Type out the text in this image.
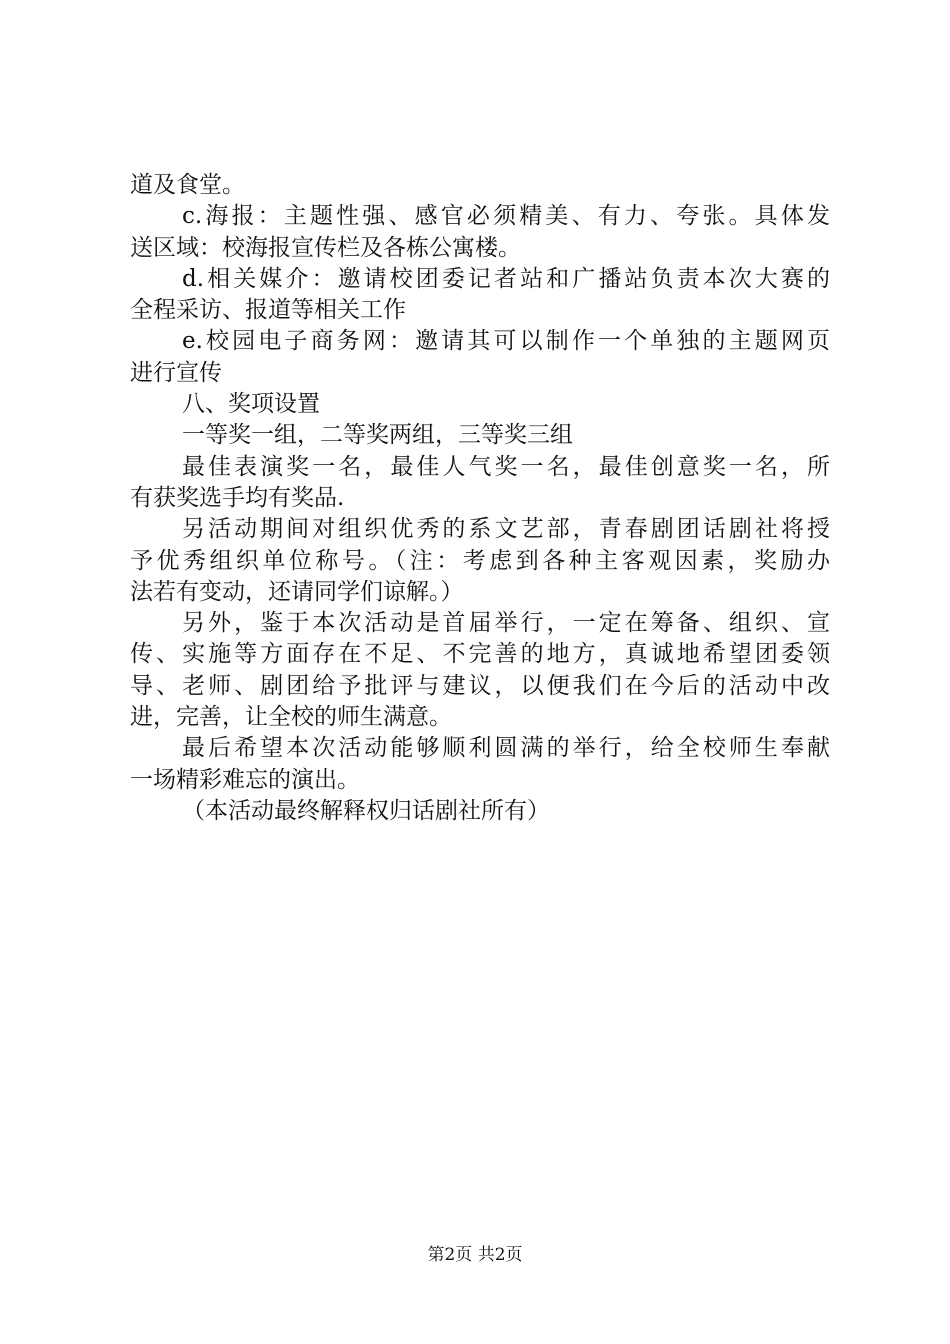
道及食堂。
c.海报：主题性强、感官必须精美、有力、夸张。具体发
送区域：校海报宣传栏及各栋公寓楼。
d.相关媒介：邀请校团委记者站和广播站负责本次大赛的
全程采访、报道等相关工作
e.校园电子商务网：邀请其可以制作一个单独的主题网页
进行宣传
八、奖项设置
一等奖一组，二等奖两组，三等奖三组
最佳表演奖一名，最佳人气奖一名，最佳创意奖一名，所
有获奖选手均有奖品.
另活动期间对组织优秀的系文艺部，青春剧团话剧社将授
予优秀组织单位称号。（注：考虑到各种主客观因素，奖励办
法若有变动，还请同学们谅解。）
另外，鉴于本次活动是首届举行，一定在筹备、组织、宣
传、实施等方面存在不足、不完善的地方，真诚地希望团委领
导、老师、剧团给予批评与建议，以便我们在今后的活动中改
进，完善，让全校的师生满意。
最后希望本次活动能够顺利圆满的举行，给全校师生奉献
一场精彩难忘的演出。
（本活动最终解释权归话剧社所有）
第2页 共2页
